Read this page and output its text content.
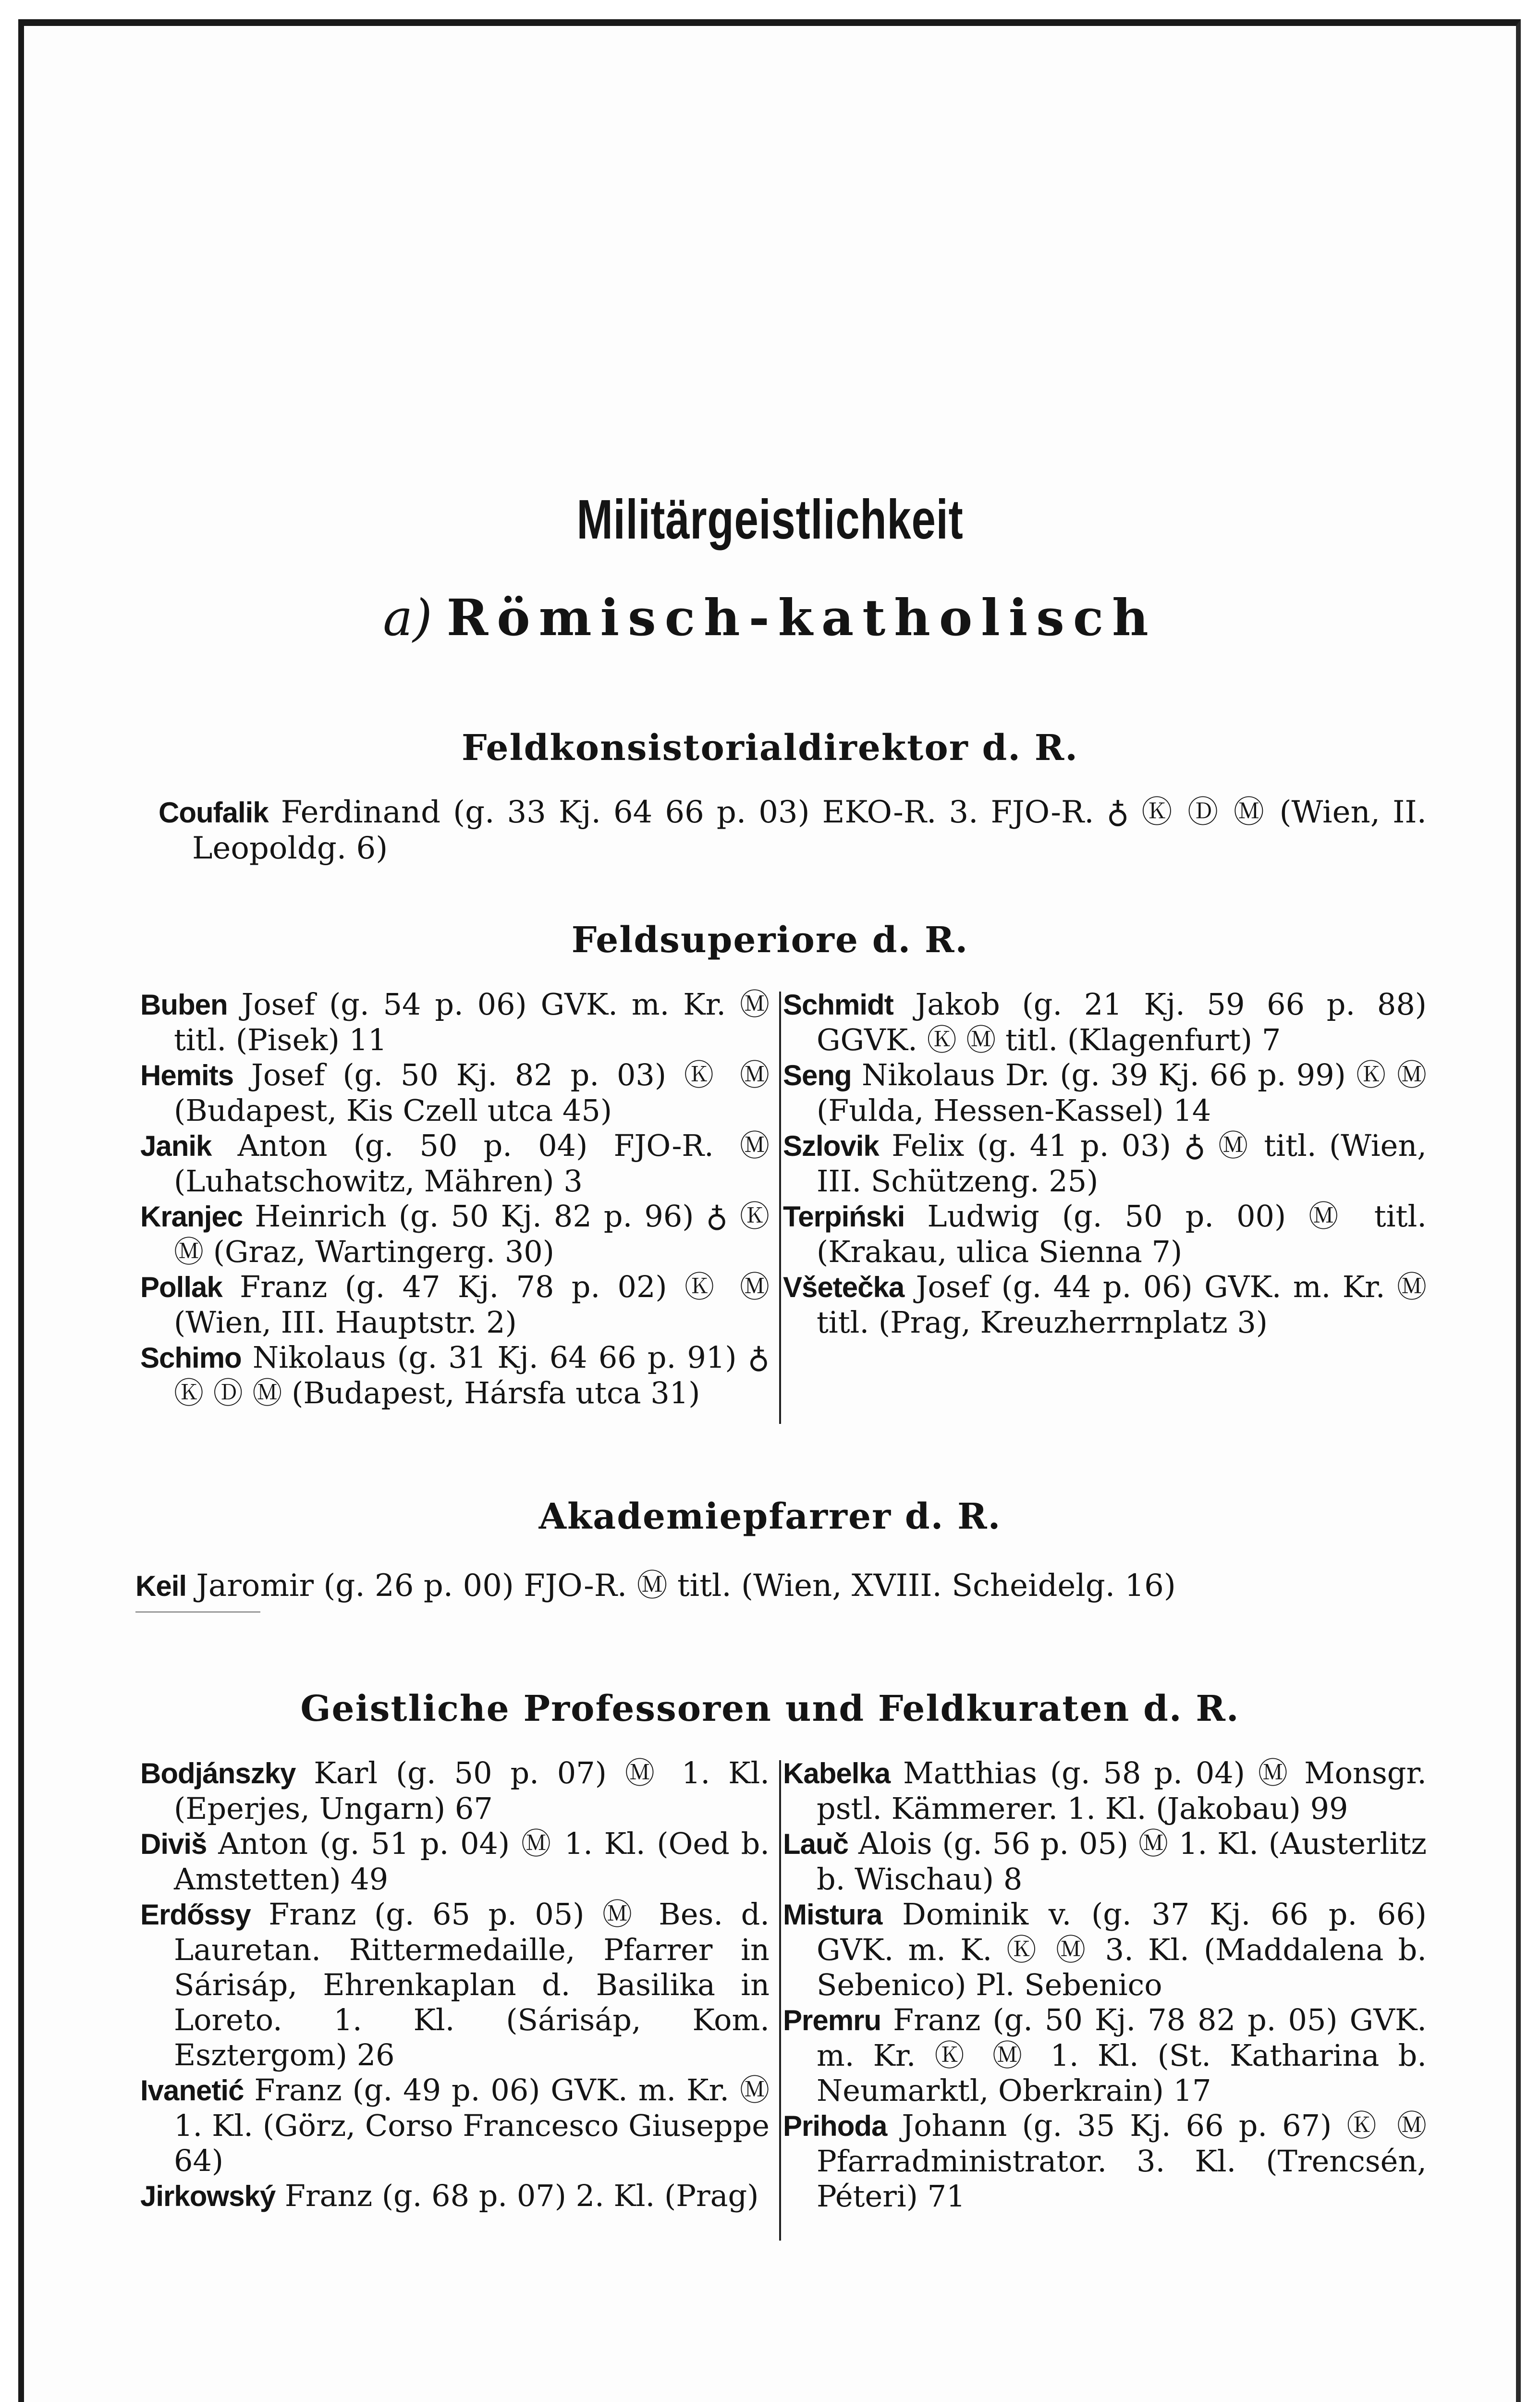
Militärgeistlichkeit
a) Römisch-katholisch
Feldkonsistorialdirektor d. R.
Coufalik Ferdinand (g. 33 Kj. 64 66 p. 03) EKO-R. 3. FJO-R. ♁ Ⓚ Ⓓ Ⓜ (Wien, II. Leopoldg. 6)
Feldsuperiore d. R.
Buben Josef (g. 54 p. 06) GVK. m. Kr. Ⓜ titl. (Pisek) 11
Hemits Josef (g. 50 Kj. 82 p. 03) Ⓚ Ⓜ (Budapest, Kis Czell utca 45)
Janik Anton (g. 50 p. 04) FJO-R. Ⓜ (Luhatschowitz, Mähren) 3
Kranjec Heinrich (g. 50 Kj. 82 p. 96) ♁ Ⓚ Ⓜ (Graz, Wartingerg. 30)
Pollak Franz (g. 47 Kj. 78 p. 02) Ⓚ Ⓜ (Wien, III. Hauptstr. 2)
Schimo Nikolaus (g. 31 Kj. 64 66 p. 91) ♁ Ⓚ Ⓓ Ⓜ (Budapest, Hársfa utca 31)
Schmidt Jakob (g. 21 Kj. 59 66 p. 88) GGVK. Ⓚ Ⓜ titl. (Klagenfurt) 7
Seng Nikolaus Dr. (g. 39 Kj. 66 p. 99) Ⓚ Ⓜ (Fulda, Hessen-Kassel) 14
Szlovik Felix (g. 41 p. 03) ♁ Ⓜ titl. (Wien, III. Schützeng. 25)
Terpiński Ludwig (g. 50 p. 00) Ⓜ titl. (Krakau, ulica Sienna 7)
Všetečka Josef (g. 44 p. 06) GVK. m. Kr. Ⓜ titl. (Prag, Kreuzherrnplatz 3)
Akademiepfarrer d. R.
Keil Jaromir (g. 26 p. 00) FJO-R. Ⓜ titl. (Wien, XVIII. Scheidelg. 16)
Geistliche Professoren und Feldkuraten d. R.
Bodjánszky Karl (g. 50 p. 07) Ⓜ 1. Kl. (Eperjes, Ungarn) 67
Diviš Anton (g. 51 p. 04) Ⓜ 1. Kl. (Oed b. Amstetten) 49
Erdőssy Franz (g. 65 p. 05) Ⓜ Bes. d. Lauretan. Rittermedaille, Pfarrer in Sárisáp, Ehrenkaplan d. Basilika in Loreto. 1. Kl. (Sárisáp, Kom. Esztergom) 26
Ivanetić Franz (g. 49 p. 06) GVK. m. Kr. Ⓜ 1. Kl. (Görz, Corso Francesco Giuseppe 64)
Jirkowský Franz (g. 68 p. 07) 2. Kl. (Prag)
Kabelka Matthias (g. 58 p. 04) Ⓜ Monsgr. pstl. Kämmerer. 1. Kl. (Jakobau) 99
Lauč Alois (g. 56 p. 05) Ⓜ 1. Kl. (Austerlitz b. Wischau) 8
Mistura Dominik v. (g. 37 Kj. 66 p. 66) GVK. m. K. Ⓚ Ⓜ 3. Kl. (Maddalena b. Sebenico) Pl. Sebenico
Premru Franz (g. 50 Kj. 78 82 p. 05) GVK. m. Kr. Ⓚ Ⓜ 1. Kl. (St. Katharina b. Neumarktl, Oberkrain) 17
Prihoda Johann (g. 35 Kj. 66 p. 67) Ⓚ Ⓜ Pfarradministrator. 3. Kl. (Trencsén, Péteri) 71
